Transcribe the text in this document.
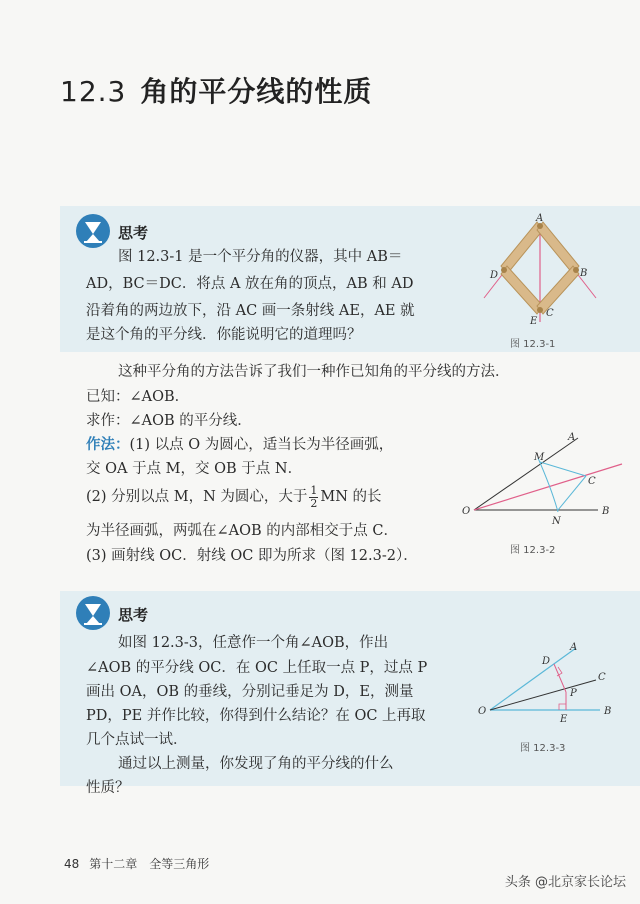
12.3 角的平分线的性质
思考
图 12.3-1 是一个平分角的仪器，其中 AB＝
AD，BC＝DC．将点 A 放在角的顶点，AB 和 AD
沿着角的两边放下，沿 AC 画一条射线 AE，AE 就
是这个角的平分线．你能说明它的道理吗？
A
D	B
C
E
图 12.3-1
这种平分角的方法告诉了我们一种作已知角的平分线的方法．
已知：∠AOB．
求作：∠AOB 的平分线．
作法：(1) 以点 O 为圆心，适当长为半径画弧，
交 OA 于点 M，交 OB 于点 N．
(2) 分别以点 M，N 为圆心，大于 $\frac{1}{2}$ MN 的长
为半径画弧，两弧在∠AOB 的内部相交于点 C．
(3) 画射线 OC．射线 OC 即为所求（图 12.3-2）．
A
M
C
N
O	B
图 12.3-2
思考
如图 12.3-3，任意作一个角∠AOB，作出
∠AOB 的平分线 OC．在 OC 上任取一点 P，过点 P
画出 OA，OB 的垂线，分别记垂足为 D，E，测量
PD，PE 并作比较，你得到什么结论？在 OC 上再取
几个点试一试．
通过以上测量，你发现了角的平分线的什么
性质？
A
D
C
P
O
E
B
图 12.3-3
48 第十二章 全等三角形
头条 @北京家长论坛
